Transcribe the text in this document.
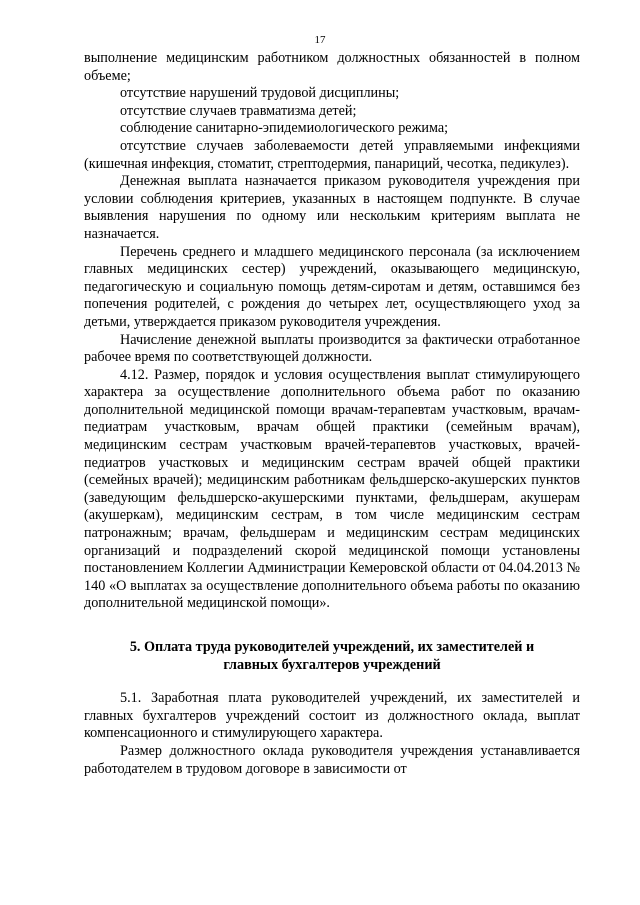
17

выполнение медицинским работником должностных обязанностей в полном объеме;

отсутствие нарушений трудовой дисциплины;

отсутствие случаев травматизма детей;

соблюдение санитарно-эпидемиологического режима;

отсутствие случаев заболеваемости детей управляемыми инфекциями (кишечная инфекция, стоматит, стрептодермия, панариций, чесотка, педикулез).

Денежная выплата назначается приказом руководителя учреждения при условии соблюдения критериев, указанных в настоящем подпункте. В случае выявления нарушения по одному или нескольким критериям выплата не назначается.

Перечень среднего и младшего медицинского персонала (за исключением главных медицинских сестер) учреждений, оказывающего медицинскую, педагогическую и социальную помощь детям-сиротам и детям, оставшимся без попечения родителей, с рождения до четырех лет, осуществляющего уход за детьми, утверждается приказом руководителя учреждения.

Начисление денежной выплаты производится за фактически отработанное рабочее время по соответствующей должности.

4.12. Размер, порядок и условия осуществления выплат стимулирующего характера за осуществление дополнительного объема работ по оказанию дополнительной медицинской помощи врачам-терапевтам участковым, врачам-педиатрам участковым, врачам общей практики (семейным врачам), медицинским сестрам участковым врачей-терапевтов участковых, врачей-педиатров участковых и медицинским сестрам врачей общей практики (семейных врачей); медицинским работникам фельдшерско-акушерских пунктов (заведующим фельдшерско-акушерскими пунктами, фельдшерам, акушерам (акушеркам), медицинским сестрам, в том числе медицинским сестрам патронажным; врачам, фельдшерам и медицинским сестрам медицинских организаций и подразделений скорой медицинской помощи установлены постановлением Коллегии Администрации Кемеровской области от 04.04.2013 № 140 «О выплатах за осуществление дополнительного объема работы по оказанию дополнительной медицинской помощи».

5. Оплата труда руководителей учреждений, их заместителей и
главных бухгалтеров учреждений

5.1. Заработная плата руководителей учреждений, их заместителей и главных бухгалтеров учреждений состоит из должностного оклада, выплат компенсационного и стимулирующего характера.

Размер должностного оклада руководителя учреждения устанавливается работодателем в трудовом договоре в зависимости от
